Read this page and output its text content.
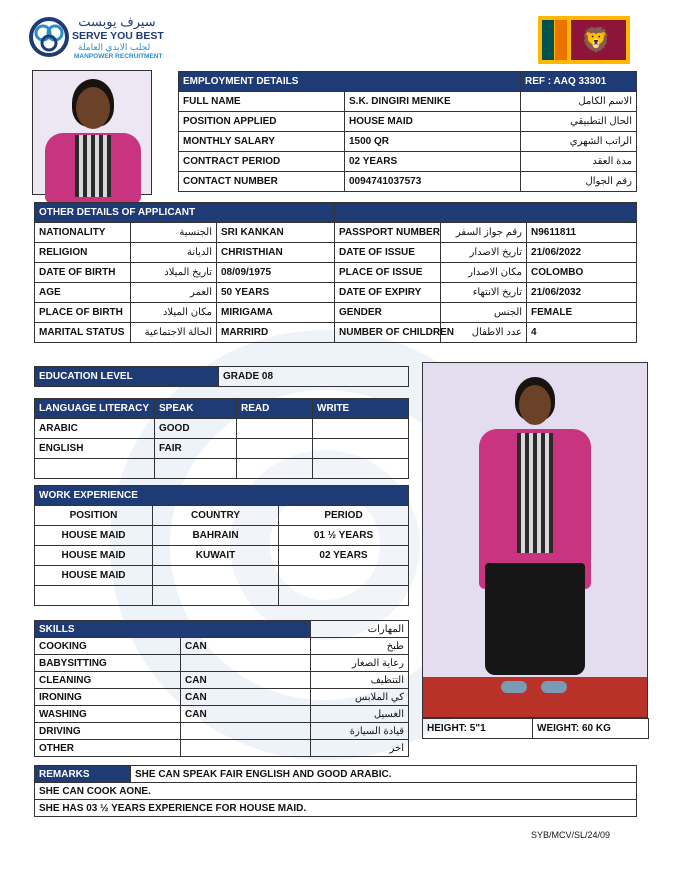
سيرف يوبست
SERVE YOU BEST
لجلب الايدي العاملة
MANPOWER RECRUITMENT
🦁
EMPLOYMENT DETAILS		REF : AAQ 33301
FULL NAME	S.K. DINGIRI MENIKE	الاسم الكامل
POSITION APPLIED	HOUSE MAID	الحال التطبيقي
MONTHLY SALARY	1500 QR	الراتب الشهري
CONTRACT PERIOD	02 YEARS	مدة العقد
CONTACT NUMBER	0094741037573	رقم الجوال
OTHER DETAILS OF APPLICANT					
NATIONALITY	الجنسية	SRI KANKAN	PASSPORT NUMBER	رقم جواز السفر	N9611811
RELIGION	الديانة	CHRISTHIAN	DATE OF ISSUE	تاريخ الاصدار	21/06/2022
DATE OF BIRTH	تاريخ الميلاد	08/09/1975	PLACE OF ISSUE	مكان الاصدار	COLOMBO
AGE	العمر	50 YEARS	DATE OF EXPIRY	تاريخ الانتهاء	21/06/2032
PLACE OF BIRTH	مكان الميلاد	MIRIGAMA	GENDER	الجنس	FEMALE
MARITAL STATUS	الحالة الاجتماعية	MARRIRD	NUMBER OF CHILDREN	عدد الاطفال	4
EDUCATION LEVEL	GRADE 08
LANGUAGE LITERACY	SPEAK	READ	WRITE
ARABIC	GOOD		
ENGLISH	FAIR		

WORK EXPERIENCE		
POSITION	COUNTRY	PERIOD
HOUSE MAID	BAHRAIN	01 ½ YEARS
HOUSE MAID	KUWAIT	02 YEARS
HOUSE MAID		

SKILLS		المهارات
COOKING	CAN	طبخ
BABYSITTING		رعاية الصغار
CLEANING	CAN	التنظيف
IRONING	CAN	كي الملابس
WASHING	CAN	الغسيل
DRIVING		قيادة السيارة
OTHER		اخر
HEIGHT: 5"1	WEIGHT: 60 KG
REMARKS	SHE CAN SPEAK FAIR ENGLISH AND GOOD ARABIC.
SHE CAN COOK AONE.
SHE HAS 03 ½ YEARS EXPERIENCE FOR HOUSE MAID.
SYB/MCV/SL/24/09
